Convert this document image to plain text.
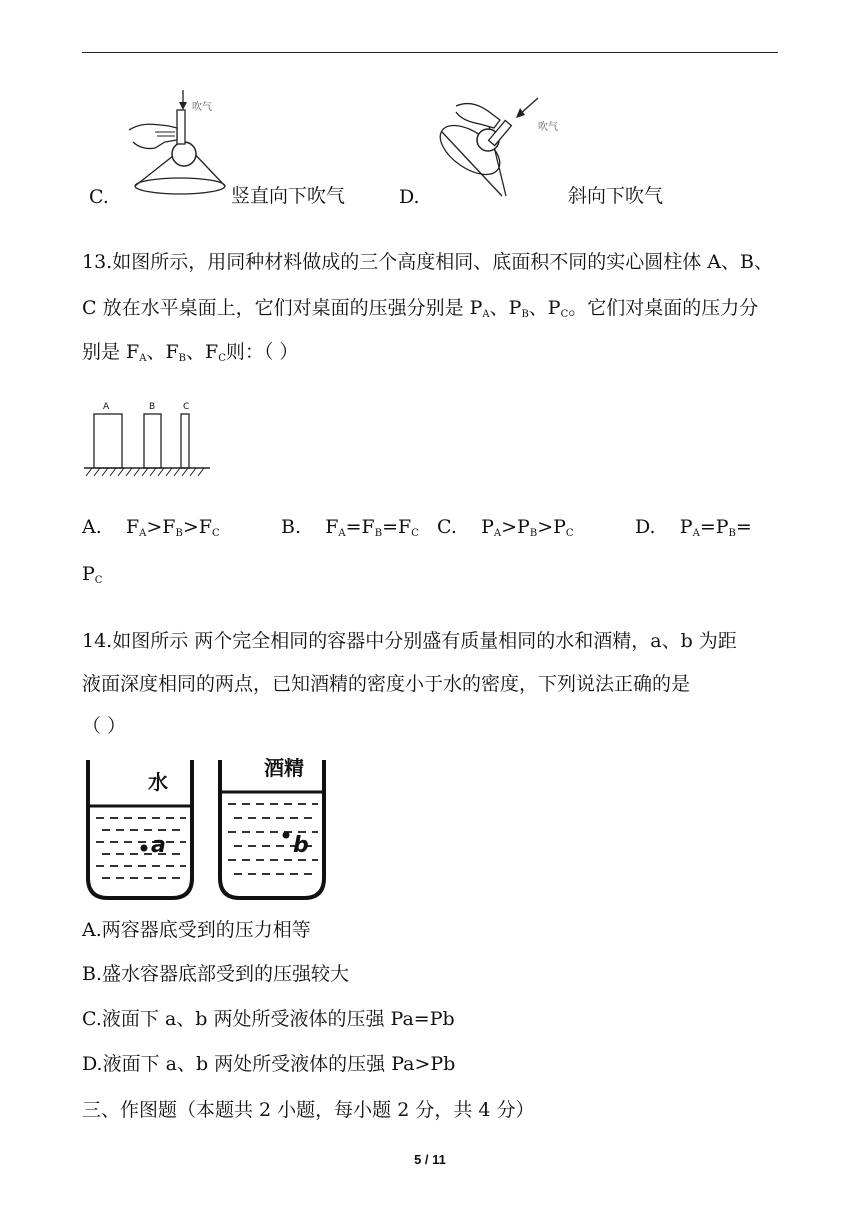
吹气
C.	竖直向下吹气
吹气
D.	斜向下吹气
13.如图所示，用同种材料做成的三个高度相同、底面积不同的实心圆柱体 A、B、
C 放在水平桌面上，它们对桌面的压强分别是 $P_A$、$P_B$、$P_C$。它们对桌面的压力分
别是 $F_A$、$F_B$、$F_C$则：（ ）
A	B	C
A. $F_A>F_B>F_C$	B. $F_A=F_B=F_C$ C. $P_A>P_B>P_C$	D. $P_A=P_B=$
$P_C$
14.如图所示 两个完全相同的容器中分别盛有质量相同的水和酒精，a、b 为距
液面深度相同的两点，已知酒精的密度小于水的密度，下列说法正确的是
（ ）
水
酒精
a	b
A.两容器底受到的压力相等
B.盛水容器底部受到的压强较大
C.液面下 a、b 两处所受液体的压强 Pa=Pb
D.液面下 a、b 两处所受液体的压强 Pa>Pb
三、作图题（本题共 2 小题，每小题 2 分，共 4 分）
5 / 11
